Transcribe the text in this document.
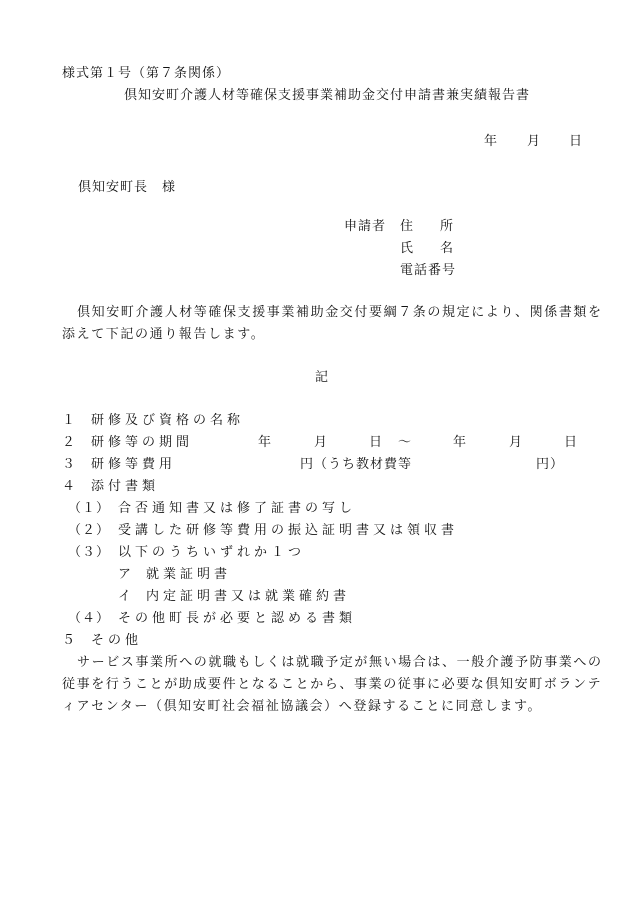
様式第１号（第７条関係）
倶知安町介護人材等確保支援事業補助金交付申請書兼実績報告書
年 月 日
倶知安町長　様
申請者 住 所
氏 名
電話番号
倶知安町介護人材等確保支援事業補助金交付要綱７条の規定により、関係書類を
添えて下記の通り報告します。
記
１ 研修及び資格の名称
２ 研修等の期間	年	月	日 ～	年	月	日
３ 研修等費用	円（うち教材費等	円）
４ 添付書類
（１） 合否通知書又は修了証書の写し
（２） 受講した研修等費用の振込証明書又は領収書
（３） 以下のうちいずれか１つ
ア 就業証明書
イ 内定証明書又は就業確約書
（４） その他町長が必要と認める書類
５ その他
サービス事業所への就職もしくは就職予定が無い場合は、一般介護予防事業への
従事を行うことが助成要件となることから、事業の従事に必要な倶知安町ボランテ
ィアセンター（倶知安町社会福祉協議会）へ登録することに同意します。
